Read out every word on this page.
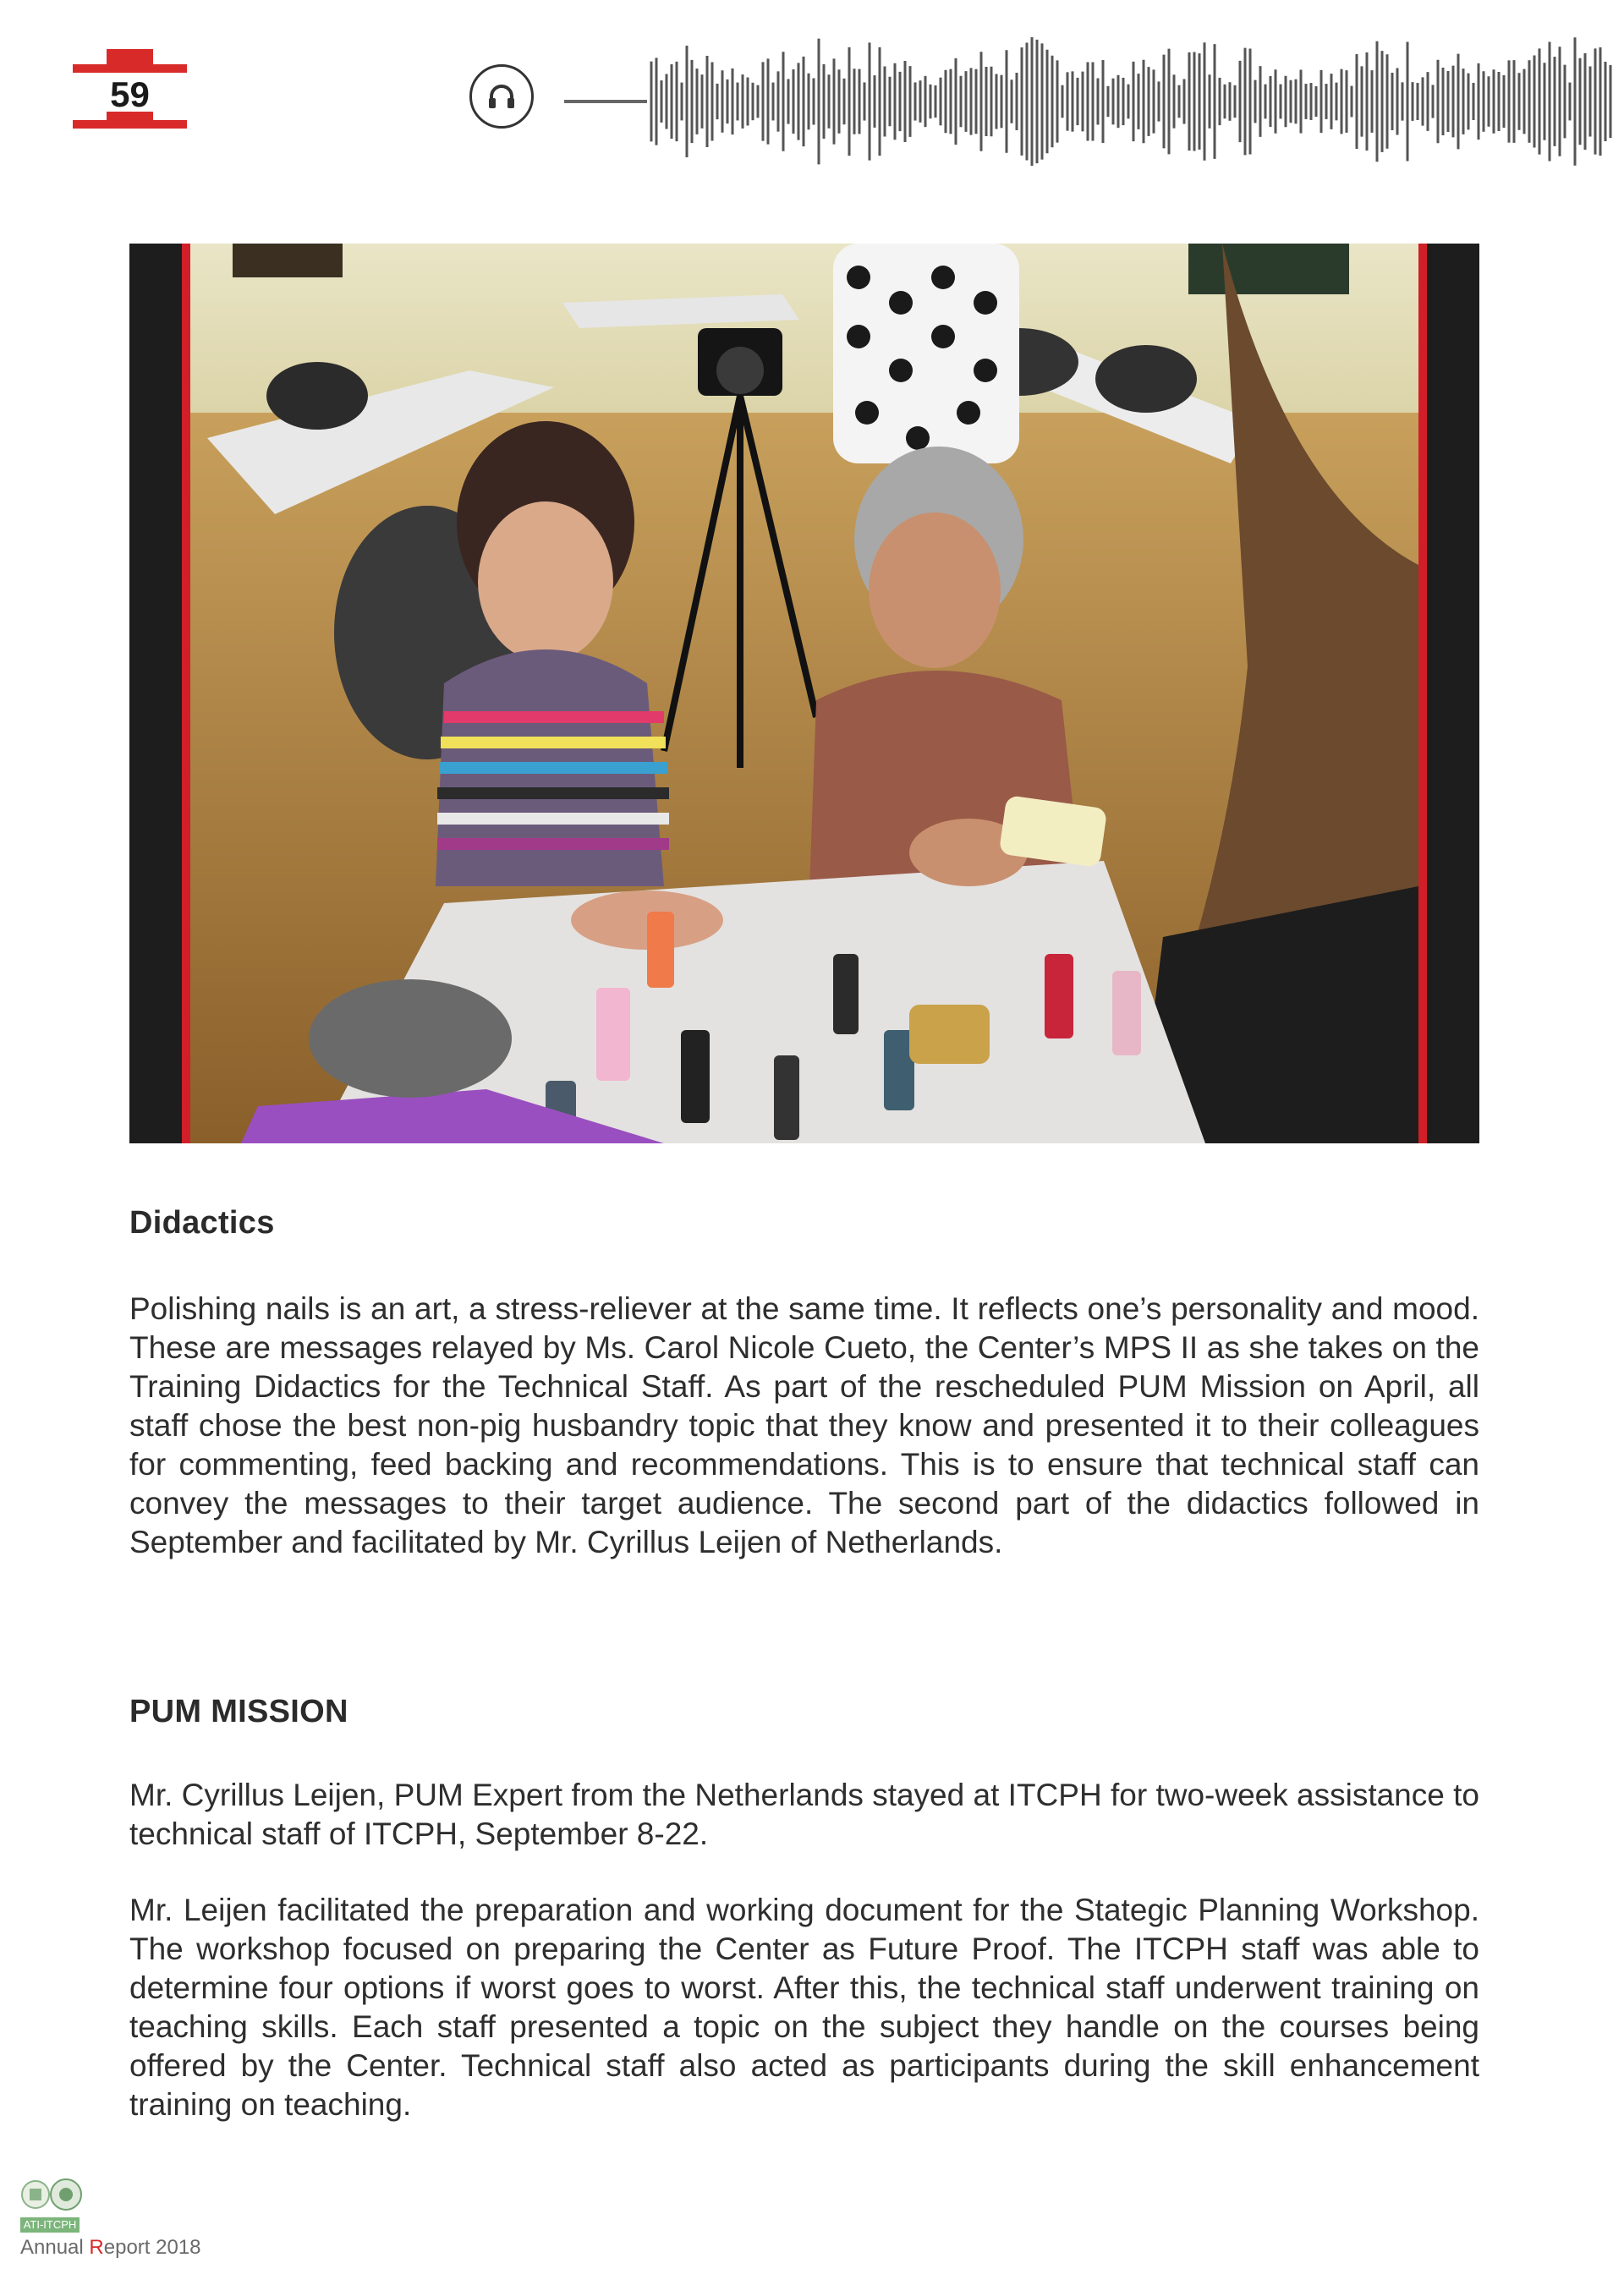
59
Didactics

Polishing nails is an art, a stress-reliever at the same time. It reflects one’s personality and mood. These are messages relayed by Ms. Carol Nicole Cueto, the Center’s MPS II as she takes on the Training Didactics for the Technical Staff. As part of the rescheduled PUM Mission on April, all staff chose the best non-pig husbandry topic that they know and presented it to their colleagues for commenting, feed backing and recommendations. This is to ensure that technical staff can convey the messages to their target audience. The second part of the didactics followed in September and facilitated by Mr. Cyrillus Leijen of Netherlands.

PUM MISSION

Mr. Cyrillus Leijen, PUM Expert from the Netherlands stayed at ITCPH for two-week assistance to technical staff of ITCPH, September 8-22.

Mr. Leijen facilitated the preparation and working document for the Stategic Planning Workshop. The workshop focused on preparing the Center as Future Proof. The ITCPH staff was able to determine four options if worst goes to worst. After this, the technical staff underwent training on teaching skills. Each staff presented a topic on the subject they handle on the courses being offered by the Center. Technical staff also acted as participants during the skill enhancement training on teaching.

ATI-ITCPH
Annual Report 2018
